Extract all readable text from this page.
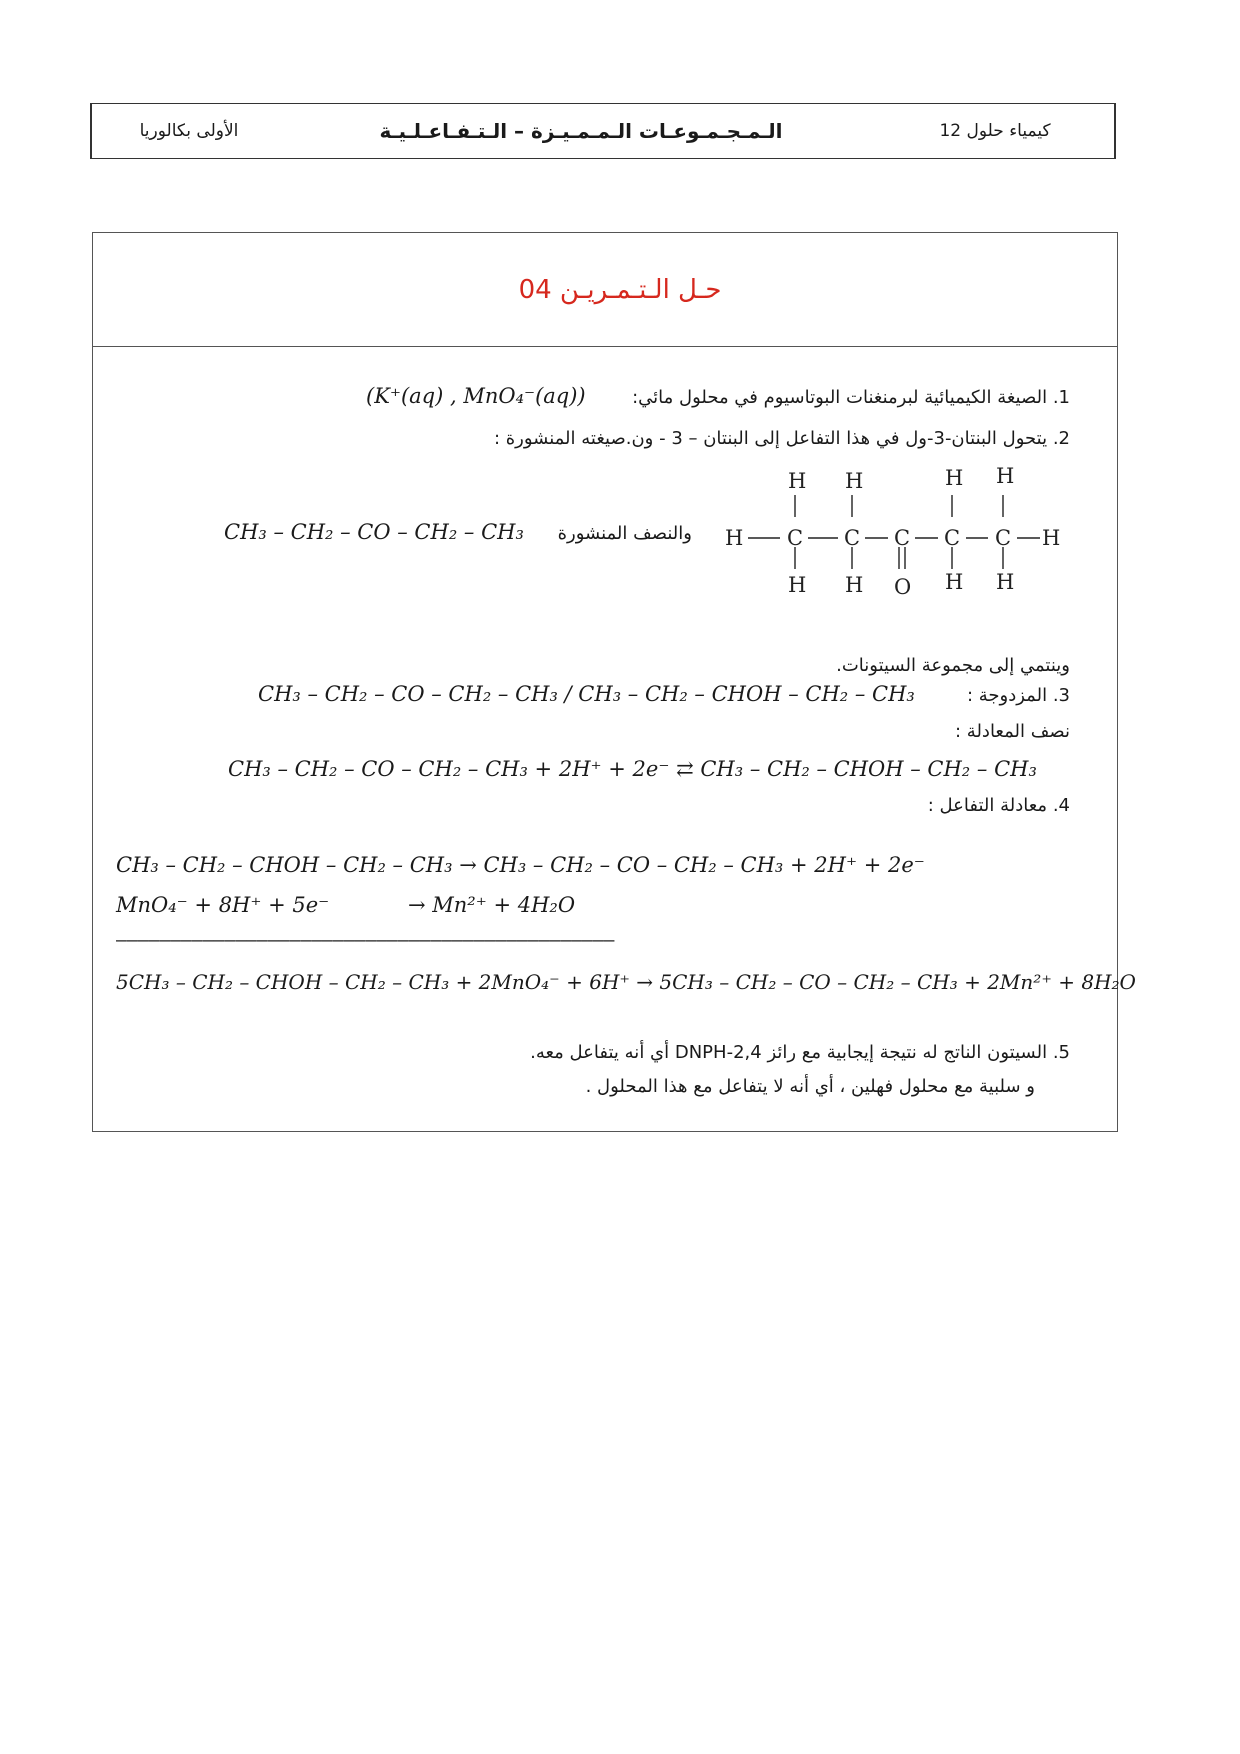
كيمياء حلول 12
الـمـجـمـوعـات الـمـمـيـزة – الـتـفـاعـلـيـة
الأولى بكالوريا
حـل الـتـمـريـن 04
1. الصيغة الكيميائية لبرمنغنات البوتاسيوم في محلول مائي:
(K⁺(aq) , MnO₄⁻(aq))
2. يتحول البنتان-3-ول في هذا التفاعل إلى البنتان – 3 - ون.صيغته المنشورة :
H H	H H
H C C C C C H
H H O H H
والنصف المنشورة
CH₃ – CH₂ – CO – CH₂ – CH₃
وينتمي إلى مجموعة السيتونات.
3. المزدوجة :
CH₃ – CH₂ – CO – CH₂ – CH₃ / CH₃ – CH₂ – CHOH – CH₂ – CH₃
نصف المعادلة :
CH₃ – CH₂ – CO – CH₂ – CH₃ + 2H⁺ + 2e⁻ ⇄ CH₃ – CH₂ – CHOH – CH₂ – CH₃
4. معادلة التفاعل :
CH₃ – CH₂ – CHOH – CH₂ – CH₃ → CH₃ – CH₂ – CO – CH₂ – CH₃ + 2H⁺ + 2e⁻
MnO₄⁻ + 8H⁺ + 5e⁻	→ Mn²⁺ + 4H₂O
––––––––––––––––––––––––––––––––––––––––––––––
5CH₃ – CH₂ – CHOH – CH₂ – CH₃ + 2MnO₄⁻ + 6H⁺ → 5CH₃ – CH₂ – CO – CH₂ – CH₃ + 2Mn²⁺ + 8H₂O
5. السيتون الناتج له نتيجة إيجابية مع رائز 2,4-DNPH أي أنه يتفاعل معه.
و سلبية مع محلول فهلين ، أي أنه لا يتفاعل مع هذا المحلول .
